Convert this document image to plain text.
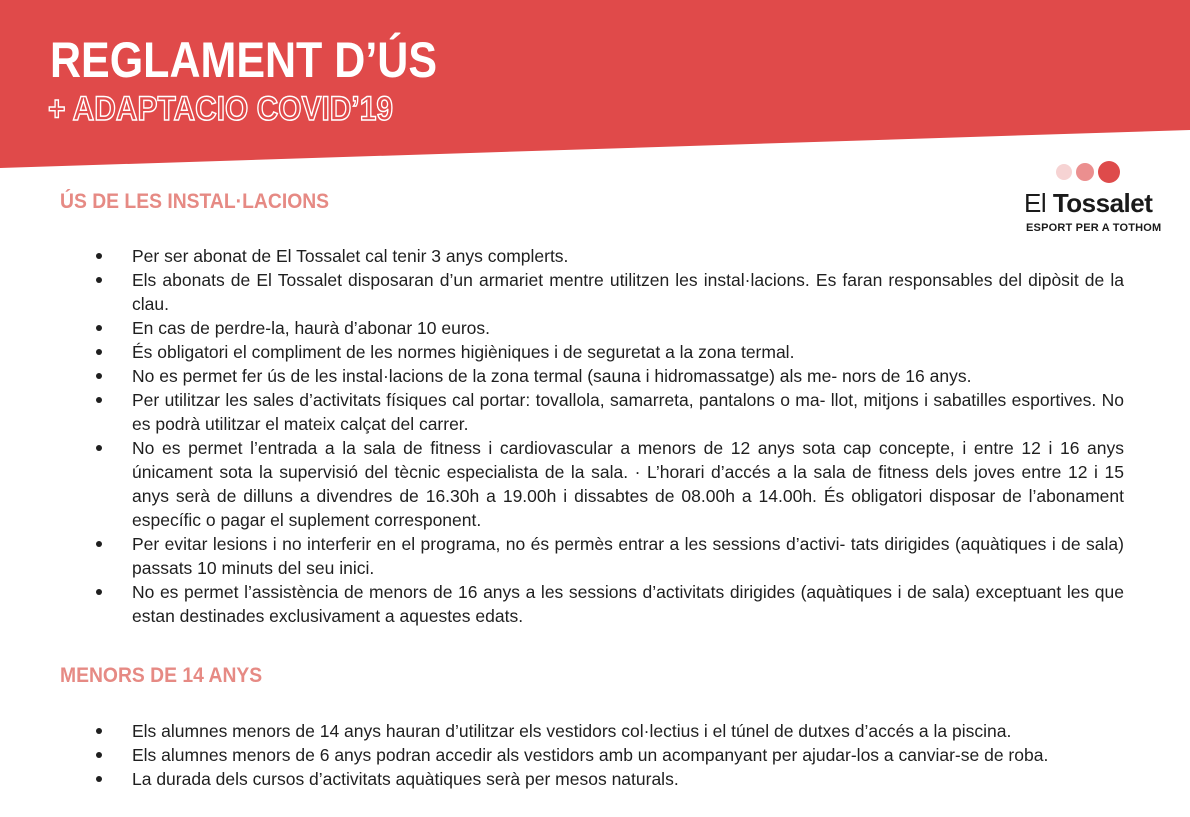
REGLAMENT D’ÚS
+ ADAPTACIO COVID’19
El Tossalet
ESPORT PER A TOTHOM
ÚS DE LES INSTAL·LACIONS
Per ser abonat de El Tossalet cal tenir 3 anys complerts.
Els abonats de El Tossalet disposaran d’un armariet mentre utilitzen les instal·lacions. Es faran responsables del dipòsit de la clau.
En cas de perdre-la, haurà d’abonar 10 euros.
És obligatori el compliment de les normes higièniques i de seguretat a la zona termal.
No es permet fer ús de les instal·lacions de la zona termal (sauna i hidromassatge) als me- nors de 16 anys.
Per utilitzar les sales d’activitats físiques cal portar: tovallola, samarreta, pantalons o ma- llot, mitjons i sabatilles esportives. No es podrà utilitzar el mateix calçat del carrer.
No es permet l’entrada a la sala de fitness i cardiovascular a menors de 12 anys sota cap concepte, i entre 12 i 16 anys únicament sota la supervisió del tècnic especialista de la sala. · L’horari d’accés a la sala de fitness dels joves entre 12 i 15 anys serà de dilluns a divendres de 16.30h a 19.00h i dissabtes de 08.00h a 14.00h. És obligatori disposar de l’abonament específic o pagar el suplement corresponent.
Per evitar lesions i no interferir en el programa, no és permès entrar a les sessions d’activi- tats dirigides (aquàtiques i de sala) passats 10 minuts del seu inici.
No es permet l’assistència de menors de 16 anys a les sessions d’activitats dirigides (aquàtiques i de sala) exceptuant les que estan destinades exclusivament a aquestes edats.
MENORS DE 14 ANYS
Els alumnes menors de 14 anys hauran d’utilitzar els vestidors col·lectius i el túnel de dutxes d’accés a la piscina.
Els alumnes menors de 6 anys podran accedir als vestidors amb un acompanyant per ajudar-los a canviar-se de roba.
La durada dels cursos d’activitats aquàtiques serà per mesos naturals.
